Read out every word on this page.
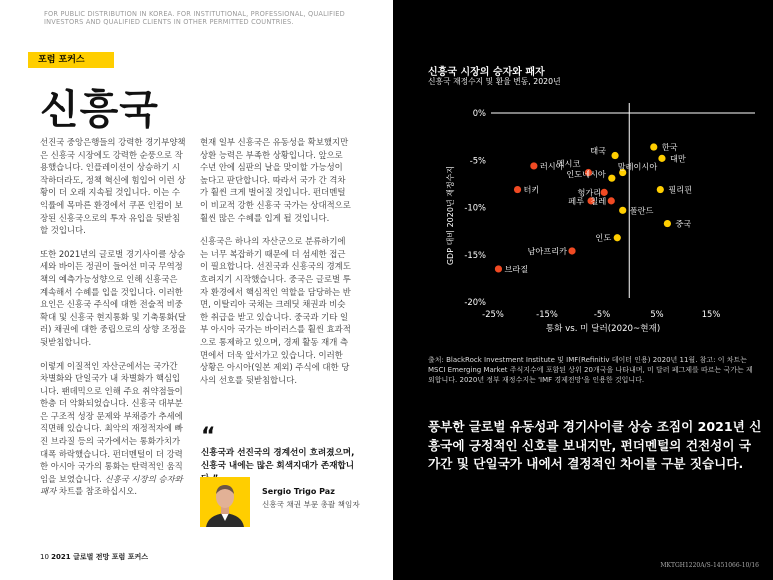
FOR PUBLIC DISTRIBUTION IN KOREA. FOR INSTITUTIONAL, PROFESSIONAL, QUALIFIED INVESTORS AND QUALIFIED CLIENTS IN OTHER PERMITTED COUNTRIES.
포럼 포커스
신흥국

선진국 중앙은행들의 강력한 경기부양책은 신흥국 시장에도 강력한 순풍으로 작용했습니다. 인플레이션이 상승하기 시작하더라도, 정책 혁신에 힘입어 이런 상황이 더 오래 지속될 것입니다. 이는 수익률에 목마른 환경에서 쿠폰 인컴이 보장된 신흥국으로의 투자 유입을 뒷받침할 것입니다.

또한 2021년의 글로벌 경기사이클 상승세와 바이든 정권이 들어선 미국 무역정책의 예측가능성향으로 인해 신흥국은 계속해서 수혜를 입을 것입니다. 이러한 요인은 신흥국 주식에 대한 전술적 비중확대 및 신흥국 현지통화 및 기축통화(달러) 채권에 대한 중립으로의 상향 조정을 뒷받침합니다.

이렇게 이질적인 자산군에서는 국가간 차별화와 단일국가 내 차별화가 핵심입니다. 팬데믹으로 인해 주요 취약점들이 한층 더 악화되었습니다. 신흥국 대부분은 구조적 성장 문제와 부채증가 추세에 직면해 있습니다. 최악의 재정적자에 빠진 브라질 등의 국가에서는 통화가치가 대폭 하락했습니다. 펀더멘털이 더 강력한 아시아 국가의 통화는 탄력적인 움직임을 보였습니다. 신흥국 시장의 승자와 패자 차트를 참조하십시오.

현재 일부 신흥국은 유동성을 확보했지만 상환 능력은 부족한 상황입니다. 앞으로 수년 안에 심판의 날을 맞이할 가능성이 높다고 판단합니다. 따라서 국가 간 격차가 훨씬 크게 벌어질 것입니다. 펀더멘털이 비교적 강한 신흥국 국가는 상대적으로 훨씬 많은 수혜를 입게 될 것입니다.

신흥국은 하나의 자산군으로 분류하기에는 너무 복잡하기 때문에 더 섬세한 접근이 필요합니다. 선진국과 신흥국의 경계도 흐려지기 시작했습니다. 중국은 글로벌 투자 환경에서 핵심적인 역할을 담당하는 반면, 이탈리아 국채는 크레딧 채권과 비슷한 취급을 받고 있습니다. 중국과 기타 일부 아시아 국가는 바이러스를 훨씬 효과적으로 통제하고 있으며, 경제 활동 재개 측면에서 더욱 앞서가고 있습니다. 이러한 상황은 아시아(일본 제외) 주식에 대한 당사의 선호를 뒷받침합니다.

“
신흥국과 선진국의 경계선이 흐려졌으며, 신흥국 내에는 많은 회색지대가 존재합니
Sergio Trigo Paz
신흥국 채권 부문 총괄 책임자
10 2021 글로벌 전망 포럼 포커스
신흥국 시장의 승자와 패자
신흥국 재정수지 및 환율 변동, 2020년
-25%	-15%	-5%	5%	15%
0%
-5%
-10%
-15%
-20%
러시아
멕시코
터키	헝가리
페루 칠레
남아프리카
브라질
한국
태국
대만
말레이시아
인도네시아
필리핀
폴란드
중국
인도
통화 vs. 미 달러(2020~현재)
GDP 대비 2020년 재정수지
출처: BlackRock Investment Institute 및 IMF(Refinitiv 데이터 인용) 2020년 11월. 참고: 이 차트는 MSCI Emerging Market 주식지수에 포함된 상위 20개국을 나타내며, 미 달러 페그제를 따르는 국가는 제외합니다. 2020년 정부 재정수지는 'IMF 경제전망'을 인용한 것입니다.
풍부한 글로벌 유동성과 경기사이클 상승 조짐이 2021년 신흥국에 긍정적인 신호를 보내지만, 펀더멘털의 건전성이 국가간 및 단일국가 내에서 결정적인 차이를 구분 짓습니다.
MKTGH1220A/S-1451066-10/16
